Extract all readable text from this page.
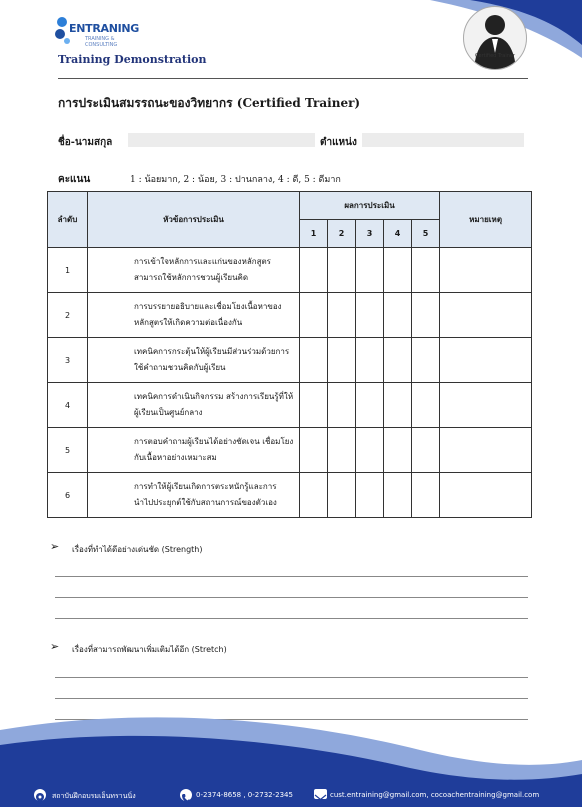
ENTRANING
TRAINING & CONSULTING
Training Demonstration	Certified Trainer
การประเมินสมรรถนะของวิทยากร (Certified Trainer)
ชื่อ-นามสกุล	ตำแหน่ง
คะแนน	1 : น้อยมาก, 2 : น้อย, 3 : ปานกลาง, 4 : ดี, 5 : ดีมาก
ลำดับ	หัวข้อการประเมิน	ผลการประเมิน					หมายเหตุ
		1	2	3	4	5	
1	การเข้าใจหลักการและแก่นของหลักสูตร
สามารถใช้หลักการชวนผู้เรียนคิด						

2	การบรรยายอธิบายและเชื่อมโยงเนื้อหาของ
หลักสูตรให้เกิดความต่อเนื่องกัน						

3	เทคนิคการกระตุ้นให้ผู้เรียนมีส่วนร่วมด้วยการ
ใช้คำถามชวนคิดกับผู้เรียน						

4	เทคนิคการดำเนินกิจกรรม สร้างการเรียนรู้ที่ให้
ผู้เรียนเป็นศูนย์กลาง						

5	การตอบคำถามผู้เรียนได้อย่างชัดเจน เชื่อมโยง
กับเนื้อหาอย่างเหมาะสม						

6	การทำให้ผู้เรียนเกิดการตระหนักรู้และการ
นำไปประยุกต์ใช้กับสถานการณ์ของตัวเอง						

➢ เรื่องที่ทำได้ดีอย่างเด่นชัด (Strength)
➢ เรื่องที่สามารถพัฒนาเพิ่มเติมได้อีก (Stretch)
สถาบันฝึกอบรมเอ็นทรานนิ่ง	0-2374-8658 , 0-2732-2345	cust.entraining@gmail.com, cocoachentraining@gmail.com
